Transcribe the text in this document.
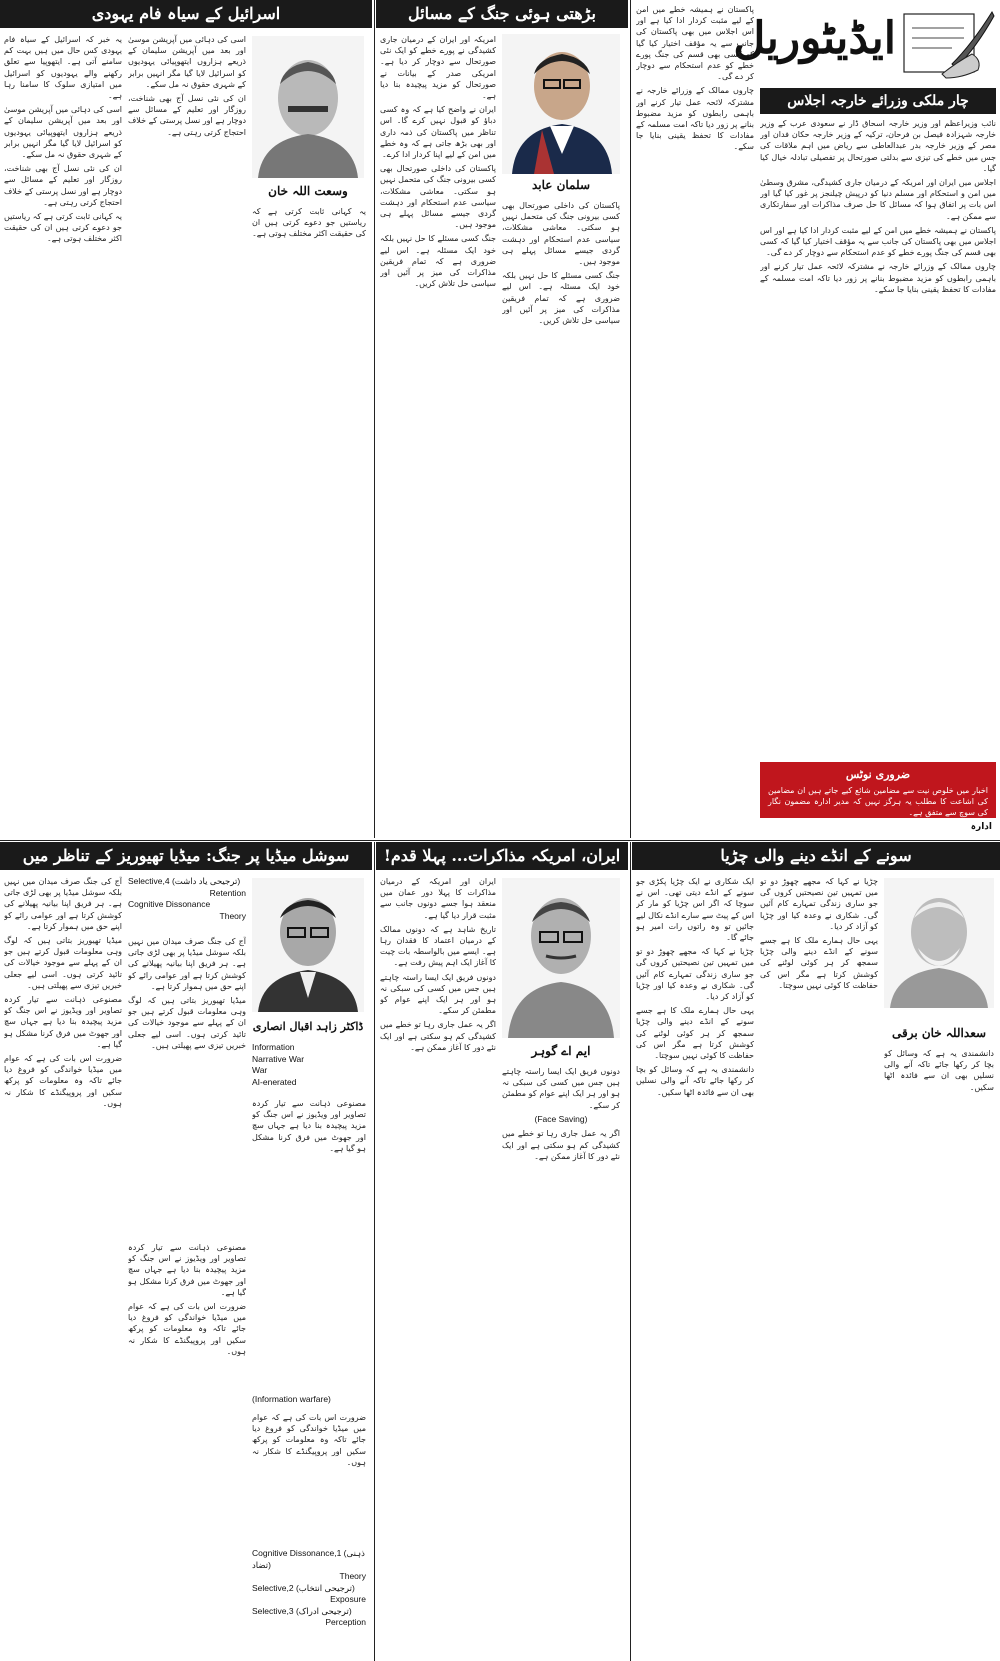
ایڈیٹوریل
چار ملکی وزرائے خارجہ اجلاس

نائب وزیراعظم اور وزیر خارجہ اسحاق ڈار نے سعودی عرب کے وزیر خارجہ شہزادہ فیصل بن فرحان، ترکیہ کے وزیر خارجہ حکان فدان اور مصر کے وزیر خارجہ بدر عبدالعاطی سے ریاض میں اہم ملاقات کی جس میں خطے کی تیزی سے بدلتی صورتحال پر تفصیلی تبادلہ خیال کیا گیا۔

اجلاس میں ایران اور امریکہ کے درمیان جاری کشیدگی، مشرق وسطیٰ میں امن و استحکام اور مسلم دنیا کو درپیش چیلنجز پر غور کیا گیا اور اس بات پر اتفاق ہوا کہ مسائل کا حل صرف مذاکرات اور سفارتکاری سے ممکن ہے۔

پاکستان نے ہمیشہ خطے میں امن کے لیے مثبت کردار ادا کیا ہے اور اس اجلاس میں بھی پاکستان کی جانب سے یہ مؤقف اختیار کیا گیا کہ کسی بھی قسم کی جنگ پورے خطے کو عدم استحکام سے دوچار کر دے گی۔

چاروں ممالک کے وزرائے خارجہ نے مشترکہ لائحہ عمل تیار کرنے اور باہمی رابطوں کو مزید مضبوط بنانے پر زور دیا تاکہ امت مسلمہ کے مفادات کا تحفظ یقینی بنایا جا سکے۔

پاکستان نے ہمیشہ خطے میں امن کے لیے مثبت کردار ادا کیا ہے اور اس اجلاس میں بھی پاکستان کی جانب سے یہ مؤقف اختیار کیا گیا کہ کسی بھی قسم کی جنگ پورے خطے کو عدم استحکام سے دوچار کر دے گی۔

چاروں ممالک کے وزرائے خارجہ نے مشترکہ لائحہ عمل تیار کرنے اور باہمی رابطوں کو مزید مضبوط بنانے پر زور دیا تاکہ امت مسلمہ کے مفادات کا تحفظ یقینی بنایا جا سکے۔

ضروری نوٹس
اخبار میں خلوص نیت سے مضامین شائع کیے جاتے ہیں ان مضامین کی اشاعت کا مطلب یہ ہرگز نہیں کہ مدیر ادارہ مضمون نگار کی سوچ سے متفق ہے۔
ادارہ
بڑھتی ہوئی جنگ کے مسائل
سلمان عابد

امریکہ اور ایران کے درمیان جاری کشیدگی نے پورے خطے کو ایک نئی صورتحال سے دوچار کر دیا ہے۔ امریکی صدر کے بیانات نے صورتحال کو مزید پیچیدہ بنا دیا ہے۔

ایران نے واضح کیا ہے کہ وہ کسی دباؤ کو قبول نہیں کرے گا۔ اس تناظر میں پاکستان کی ذمہ داری اور بھی بڑھ جاتی ہے کہ وہ خطے میں امن کے لیے اپنا کردار ادا کرے۔

پاکستان کی داخلی صورتحال بھی کسی بیرونی جنگ کی متحمل نہیں ہو سکتی۔ معاشی مشکلات، سیاسی عدم استحکام اور دہشت گردی جیسے مسائل پہلے ہی موجود ہیں۔

جنگ کسی مسئلے کا حل نہیں بلکہ خود ایک مسئلہ ہے۔ اس لیے ضروری ہے کہ تمام فریقین مذاکرات کی میز پر آئیں اور سیاسی حل تلاش کریں۔

پاکستان کی داخلی صورتحال بھی کسی بیرونی جنگ کی متحمل نہیں ہو سکتی۔ معاشی مشکلات، سیاسی عدم استحکام اور دہشت گردی جیسے مسائل پہلے ہی موجود ہیں۔

جنگ کسی مسئلے کا حل نہیں بلکہ خود ایک مسئلہ ہے۔ اس لیے ضروری ہے کہ تمام فریقین مذاکرات کی میز پر آئیں اور سیاسی حل تلاش کریں۔

اسرائیل کے سیاہ فام یہودی
وسعت اللہ خان

یہ خبر کہ اسرائیل کے سیاہ فام یہودی کس حال میں ہیں بہت کم سامنے آتی ہے۔ ایتھوپیا سے تعلق رکھنے والے یہودیوں کو اسرائیل میں امتیازی سلوک کا سامنا رہا ہے۔

اسی کی دہائی میں آپریشن موسیٰ اور بعد میں آپریشن سلیمان کے ذریعے ہزاروں ایتھوپیائی یہودیوں کو اسرائیل لایا گیا مگر انہیں برابر کے شہری حقوق نہ مل سکے۔

ان کی نئی نسل آج بھی شناخت، روزگار اور تعلیم کے مسائل سے دوچار ہے اور نسل پرستی کے خلاف احتجاج کرتی رہتی ہے۔

یہ کہانی ثابت کرتی ہے کہ ریاستیں جو دعوے کرتی ہیں ان کی حقیقت اکثر مختلف ہوتی ہے۔

اسی کی دہائی میں آپریشن موسیٰ اور بعد میں آپریشن سلیمان کے ذریعے ہزاروں ایتھوپیائی یہودیوں کو اسرائیل لایا گیا مگر انہیں برابر کے شہری حقوق نہ مل سکے۔

ان کی نئی نسل آج بھی شناخت، روزگار اور تعلیم کے مسائل سے دوچار ہے اور نسل پرستی کے خلاف احتجاج کرتی رہتی ہے۔

یہ کہانی ثابت کرتی ہے کہ ریاستیں جو دعوے کرتی ہیں ان کی حقیقت اکثر مختلف ہوتی ہے۔

سونے کے انڈے دینے والی چڑیا
سعداللہ خان برقی

ایک شکاری نے ایک چڑیا پکڑی جو سونے کے انڈے دیتی تھی۔ اس نے سوچا کہ اگر اس چڑیا کو مار کر اس کے پیٹ سے سارے انڈے نکال لیے جائیں تو وہ راتوں رات امیر ہو جائے گا۔

چڑیا نے کہا کہ مجھے چھوڑ دو تو میں تمہیں تین نصیحتیں کروں گی جو ساری زندگی تمہارے کام آئیں گی۔ شکاری نے وعدہ کیا اور چڑیا کو آزاد کر دیا۔

یہی حال ہمارے ملک کا ہے جسے سونے کے انڈے دینے والی چڑیا سمجھ کر ہر کوئی لوٹنے کی کوشش کرتا ہے مگر اس کی حفاظت کا کوئی نہیں سوچتا۔

دانشمندی یہ ہے کہ وسائل کو بچا کر رکھا جائے تاکہ آنے والی نسلیں بھی ان سے فائدہ اٹھا سکیں۔

چڑیا نے کہا کہ مجھے چھوڑ دو تو میں تمہیں تین نصیحتیں کروں گی جو ساری زندگی تمہارے کام آئیں گی۔ شکاری نے وعدہ کیا اور چڑیا کو آزاد کر دیا۔

یہی حال ہمارے ملک کا ہے جسے سونے کے انڈے دینے والی چڑیا سمجھ کر ہر کوئی لوٹنے کی کوشش کرتا ہے مگر اس کی حفاظت کا کوئی نہیں سوچتا۔

دانشمندی یہ ہے کہ وسائل کو بچا کر رکھا جائے تاکہ آنے والی نسلیں بھی ان سے فائدہ اٹھا سکیں۔

ایران، امریکہ مذاکرات... پہلا قدم!
ایم اے گوہر

ایران اور امریکہ کے درمیان مذاکرات کا پہلا دور عمان میں منعقد ہوا جسے دونوں جانب سے مثبت قرار دیا گیا ہے۔

تاریخ شاہد ہے کہ دونوں ممالک کے درمیان اعتماد کا فقدان رہا ہے۔ ایسے میں بالواسطہ بات چیت کا آغاز ایک اہم پیش رفت ہے۔

دونوں فریق ایک ایسا راستہ چاہتے ہیں جس میں کسی کی سبکی نہ ہو اور ہر ایک اپنے عوام کو مطمئن کر سکے۔

اگر یہ عمل جاری رہا تو خطے میں کشیدگی کم ہو سکتی ہے اور ایک نئے دور کا آغاز ممکن ہے۔

دونوں فریق ایک ایسا راستہ چاہتے ہیں جس میں کسی کی سبکی نہ ہو اور ہر ایک اپنے عوام کو مطمئن کر سکے۔

(Face Saving)

اگر یہ عمل جاری رہا تو خطے میں کشیدگی کم ہو سکتی ہے اور ایک نئے دور کا آغاز ممکن ہے۔

سوشل میڈیا پر جنگ: میڈیا تھیوریز کے تناظر میں
ڈاکٹر زاہد اقبال انصاری
Selective,4 (ترجیحی یاد داشت)
Retention
Cognitive Dissonance
Theory

آج کی جنگ صرف میدان میں نہیں بلکہ سوشل میڈیا پر بھی لڑی جاتی ہے۔ ہر فریق اپنا بیانیہ پھیلانے کی کوشش کرتا ہے اور عوامی رائے کو اپنے حق میں ہموار کرتا ہے۔

میڈیا تھیوریز بتاتی ہیں کہ لوگ وہی معلومات قبول کرتے ہیں جو ان کے پہلے سے موجود خیالات کی تائید کرتی ہوں۔ اسی لیے جعلی خبریں تیزی سے پھیلتی ہیں۔ Information
Narrative War
War
AI-enerated

مصنوعی ذہانت سے تیار کردہ تصاویر اور ویڈیوز نے اس جنگ کو مزید پیچیدہ بنا دیا ہے جہاں سچ اور جھوٹ میں فرق کرنا مشکل ہو گیا ہے۔

(Information warfare)

ضرورت اس بات کی ہے کہ عوام میں میڈیا خواندگی کو فروغ دیا جائے تاکہ وہ معلومات کو پرکھ سکیں اور پروپیگنڈے کا شکار نہ ہوں۔

Cognitive Dissonance,1 (ذہنی تضاد)
Theory
Selective,2 (ترجیحی انتخاب)
Exposure
Selective,3 (ترجیحی ادراک)
Perception

مصنوعی ذہانت سے تیار کردہ تصاویر اور ویڈیوز نے اس جنگ کو مزید پیچیدہ بنا دیا ہے جہاں سچ اور جھوٹ میں فرق کرنا مشکل ہو گیا ہے۔

ضرورت اس بات کی ہے کہ عوام میں میڈیا خواندگی کو فروغ دیا جائے تاکہ وہ معلومات کو پرکھ سکیں اور پروپیگنڈے کا شکار نہ ہوں۔

آج کی جنگ صرف میدان میں نہیں بلکہ سوشل میڈیا پر بھی لڑی جاتی ہے۔ ہر فریق اپنا بیانیہ پھیلانے کی کوشش کرتا ہے اور عوامی رائے کو اپنے حق میں ہموار کرتا ہے۔

میڈیا تھیوریز بتاتی ہیں کہ لوگ وہی معلومات قبول کرتے ہیں جو ان کے پہلے سے موجود خیالات کی تائید کرتی ہوں۔ اسی لیے جعلی خبریں تیزی سے پھیلتی ہیں۔

مصنوعی ذہانت سے تیار کردہ تصاویر اور ویڈیوز نے اس جنگ کو مزید پیچیدہ بنا دیا ہے جہاں سچ اور جھوٹ میں فرق کرنا مشکل ہو گیا ہے۔

ضرورت اس بات کی ہے کہ عوام میں میڈیا خواندگی کو فروغ دیا جائے تاکہ وہ معلومات کو پرکھ سکیں اور پروپیگنڈے کا شکار نہ ہوں۔
